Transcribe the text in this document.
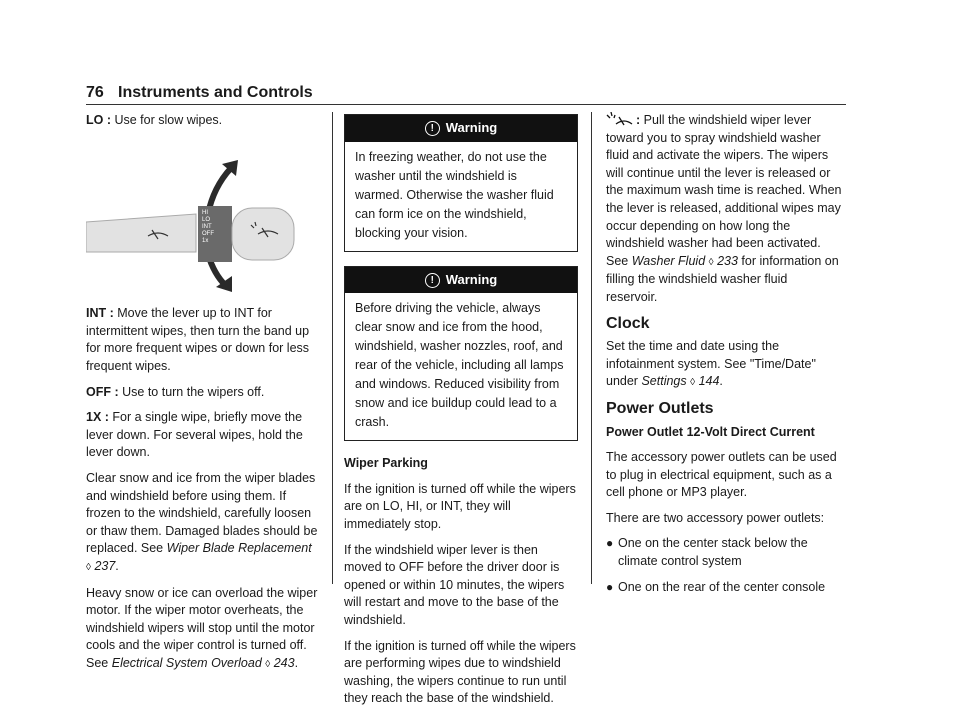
76 Instruments and Controls

LO : Use for slow wipes.

HI
LO
INT
OFF
1x

INT : Move the lever up to INT for intermittent wipes, then turn the band up for more frequent wipes or down for less frequent wipes.

OFF : Use to turn the wipers off.

1X : For a single wipe, briefly move the lever down. For several wipes, hold the lever down.

Clear snow and ice from the wiper blades and windshield before using them. If frozen to the windshield, carefully loosen or thaw them. Damaged blades should be replaced. See Wiper Blade Replacement ◊ 237.

Heavy snow or ice can overload the wiper motor. If the wiper motor overheats, the windshield wipers will stop until the motor cools and the wiper control is turned off. See Electrical System Overload ◊ 243.

! Warning
In freezing weather, do not use the washer until the windshield is warmed. Otherwise the washer fluid can form ice on the windshield, blocking your vision.
! Warning
Before driving the vehicle, always clear snow and ice from the hood, windshield, washer nozzles, roof, and rear of the vehicle, including all lamps and windows. Reduced visibility from snow and ice buildup could lead to a crash.

Wiper Parking

If the ignition is turned off while the wipers are on LO, HI, or INT, they will immediately stop.

If the windshield wiper lever is then moved to OFF before the driver door is opened or within 10 minutes, the wipers will restart and move to the base of the windshield.

If the ignition is turned off while the wipers are performing wipes due to windshield washing, the wipers continue to run until they reach the base of the windshield.

: Pull the windshield wiper lever toward you to spray windshield washer fluid and activate the wipers. The wipers will continue until the lever is released or the maximum wash time is reached. When the lever is released, additional wipes may occur depending on how long the windshield washer had been activated. See Washer Fluid ◊ 233 for information on filling the windshield washer fluid reservoir.

Clock

Set the time and date using the infotainment system. See "Time/Date" under Settings ◊ 144.

Power Outlets

Power Outlet 12-Volt Direct Current

The accessory power outlets can be used to plug in electrical equipment, such as a cell phone or MP3 player.

There are two accessory power outlets:

● One on the center stack below the climate control system
● One on the rear of the center console
